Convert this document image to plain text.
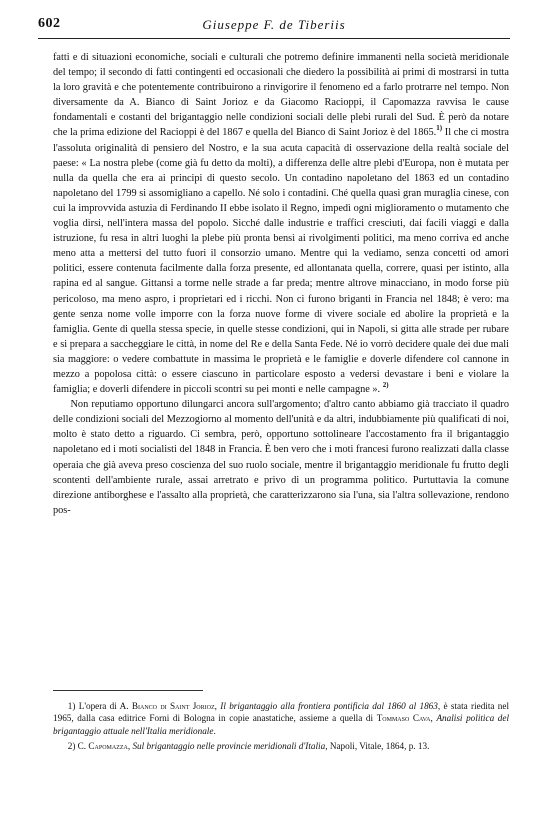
602	Giuseppe F. de Tiberiis

fatti e di situazioni economiche, sociali e culturali che potremo definire immanenti nella società meridionale del tempo; il secondo di fatti contingenti ed occasionali che diedero la possibilità ai primi di mostrarsi in tutta la loro gravità e che potentemente contribuirono a rinvigorire il fenomeno ed a farlo protrarre nel tempo. Non diversamente da A. Bianco di Saint Jorioz e da Giacomo Racioppi, il Capomazza ravvisa le cause fondamentali e costanti del brigantaggio nelle condizioni sociali delle plebi rurali del Sud. È però da notare che la prima edizione del Racioppi è del 1867 e quella del Bianco di Saint Jorioz è del 1865.$^{1)}$ Il che ci mostra l'assoluta originalità di pensiero del Nostro, e la sua acuta capacità di osservazione della realtà sociale del paese: « La nostra plebe (come già fu detto da molti), a differenza delle altre plebi d'Europa, non è mutata per nulla da quella che era ai principi di questo secolo. Un contadino napoletano del 1863 ed un contadino napoletano del 1799 si assomigliano a capello. Né solo i contadini. Ché quella quasi gran muraglia cinese, con cui la improvvida astuzia di Ferdinando II ebbe isolato il Regno, impedì ogni miglioramento o mutamento che voglia dirsi, nell'intera massa del popolo. Sicché dalle industrie e traffici cresciuti, dai facili viaggi e dalla istruzione, fu resa in altri luoghi la plebe più pronta bensì ai rivolgimenti politici, ma meno corriva ed anche meno atta a mettersi del tutto fuori il consorzio umano. Mentre qui la vediamo, senza concetti od amori politici, essere contenuta facilmente dalla forza presente, ed allontanata quella, correre, quasi per istinto, alla rapina ed al sangue. Gittansi a torme nelle strade a far preda; mentre altrove minacciano, in modo forse più pericoloso, ma meno aspro, i proprietari ed i ricchi. Non ci furono briganti in Francia nel 1848; è vero: ma gente senza nome volle imporre con la forza nuove forme di vivere sociale ed abolire la proprietà e la famiglia. Gente di quella stessa specie, in quelle stesse condizioni, qui in Napoli, si gitta alle strade per rubare e si prepara a saccheggiare le città, in nome del Re e della Santa Fede. Né io vorrò decidere quale dei due mali sia maggiore: o vedere combattute in massima le proprietà e le famiglie e doverle difendere col cannone in mezzo a popolosa città: o essere ciascuno in particolare esposto a vedersi devastare i beni e violare la famiglia; e doverli difendere in piccoli scontri su pei monti e nelle campagne ». $^{2)}$

Non reputiamo opportuno dilungarci ancora sull'argomento; d'altro canto abbiamo già tracciato il quadro delle condizioni sociali del Mezzogiorno al momento dell'unità e da altri, indubbiamente più qualificati di noi, molto è stato detto a riguardo. Ci sembra, però, opportuno sottolineare l'accostamento fra il brigantaggio napoletano ed i moti socialisti del 1848 in Francia. È ben vero che i moti francesi furono realizzati dalla classe operaia che già aveva preso coscienza del suo ruolo sociale, mentre il brigantaggio meridionale fu frutto degli scontenti dell'ambiente rurale, assai arretrato e privo di un programma politico. Purtuttavia la comune direzione antiborghese e l'assalto alla proprietà, che caratterizzarono sia l'una, sia l'altra sollevazione, rendono pos-

1) L'opera di A. Bianco di Saint Jorioz, Il brigantaggio alla frontiera pontificia dal 1860 al 1863, è stata riedita nel 1965, dalla casa editrice Forni di Bologna in copie anastatiche, assieme a quella di Tommaso Cava, Analisi politica del brigantaggio attuale nell'Italia meridionale.

2) C. Capomazza, Sul brigantaggio nelle provincie meridionali d'Italia, Napoli, Vitale, 1864, p. 13.
